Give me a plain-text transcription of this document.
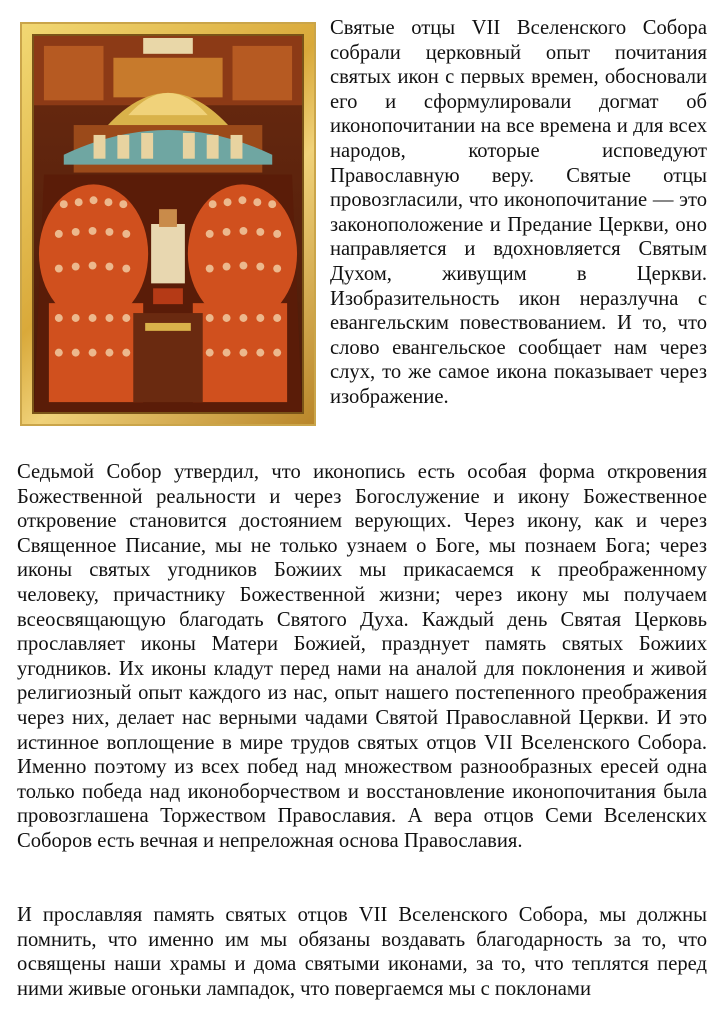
Святые отцы VII Вселенского Собора собрали церковный опыт почитания святых икон с первых времен, обосновали его и сформулировали догмат об иконопочитании на все времена и для всех народов, которые исповедуют Православную веру. Святые отцы провозгласили, что иконопочитание — это законоположение и Предание Церкви, оно направляется и вдохновляется Святым Духом, живущим в Церкви. Изобразительность икон неразлучна с евангельским повествованием. И то, что слово евангельское сообщает нам через слух, то же самое икона показывает через изображение.

Седьмой Собор утвердил, что иконопись есть особая форма откровения Божественной реальности и через Богослужение и икону Божественное откровение становится достоянием верующих. Через икону, как и через Священное Писание, мы не только узнаем о Боге, мы познаем Бога; через иконы святых угодников Божиих мы прикасаемся к преображенному человеку, причастнику Божественной жизни; через икону мы получаем всеосвящающую благодать Святого Духа. Каждый день Святая Церковь прославляет иконы Матери Божией, празднует память святых Божиих угодников. Их иконы кладут перед нами на аналой для поклонения и живой религиозный опыт каждого из нас, опыт нашего постепенного преображения через них, делает нас верными чадами Святой Православной Церкви. И это истинное воплощение в мире трудов святых отцов VII Вселенского Собора. Именно поэтому из всех побед над множеством разнообразных ересей одна только победа над иконоборчеством и восстановление иконопочитания была провозглашена Торжеством Православия. А вера отцов Семи Вселенских Соборов есть вечная и непреложная основа Православия.

И прославляя память святых отцов VII Вселенского Собора, мы должны помнить, что именно им мы обязаны воздавать благодарность за то, что освящены наши храмы и дома святыми иконами, за то, что теплятся перед ними живые огоньки лампадок, что повергаемся мы с поклонами
